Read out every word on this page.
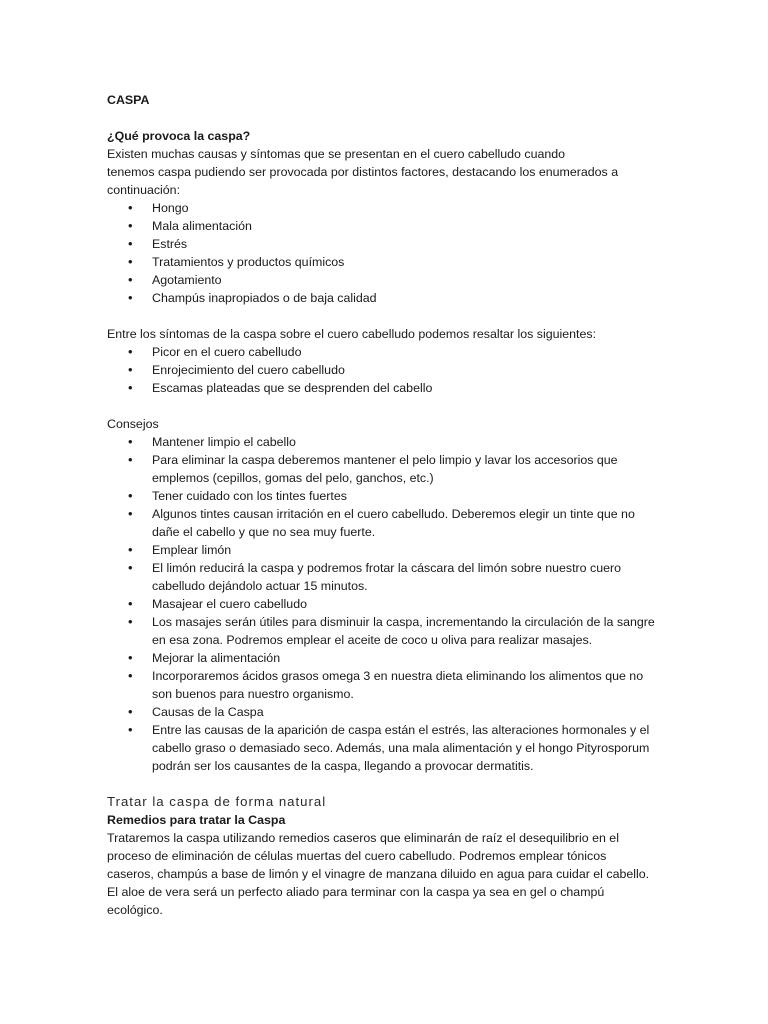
CASPA
¿Qué provoca la caspa?
Existen muchas causas y síntomas que se presentan en el cuero cabelludo cuando
tenemos caspa pudiendo ser provocada por distintos factores, destacando los enumerados a
continuación:
• Hongo
• Mala alimentación
• Estrés
• Tratamientos y productos químicos
• Agotamiento
• Champús inapropiados o de baja calidad
Entre los síntomas de la caspa sobre el cuero cabelludo podemos resaltar los siguientes:
• Picor en el cuero cabelludo
• Enrojecimiento del cuero cabelludo
• Escamas plateadas que se desprenden del cabello
Consejos
• Mantener limpio el cabello
• Para eliminar la caspa deberemos mantener el pelo limpio y lavar los accesorios que
emplemos (cepillos, gomas del pelo, ganchos, etc.)
• Tener cuidado con los tintes fuertes
• Algunos tintes causan irritación en el cuero cabelludo. Deberemos elegir un tinte que no
dañe el cabello y que no sea muy fuerte.
• Emplear limón
• El limón reducirá la caspa y podremos frotar la cáscara del limón sobre nuestro cuero
cabelludo dejándolo actuar 15 minutos.
• Masajear el cuero cabelludo
• Los masajes serán útiles para disminuir la caspa, incrementando la circulación de la sangre
en esa zona. Podremos emplear el aceite de coco u oliva para realizar masajes.
• Mejorar la alimentación
• Incorporaremos ácidos grasos omega 3 en nuestra dieta eliminando los alimentos que no
son buenos para nuestro organismo.
• Causas de la Caspa
• Entre las causas de la aparición de caspa están el estrés, las alteraciones hormonales y el
cabello graso o demasiado seco. Además, una mala alimentación y el hongo Pityrosporum
podrán ser los causantes de la caspa, llegando a provocar dermatitis.
Tratar la caspa de forma natural
Remedios para tratar la Caspa
Trataremos la caspa utilizando remedios caseros que eliminarán de raíz el desequilibrio en el
proceso de eliminación de células muertas del cuero cabelludo. Podremos emplear tónicos
caseros, champús a base de limón y el vinagre de manzana diluido en agua para cuidar el cabello.
El aloe de vera será un perfecto aliado para terminar con la caspa ya sea en gel o champú
ecológico.
